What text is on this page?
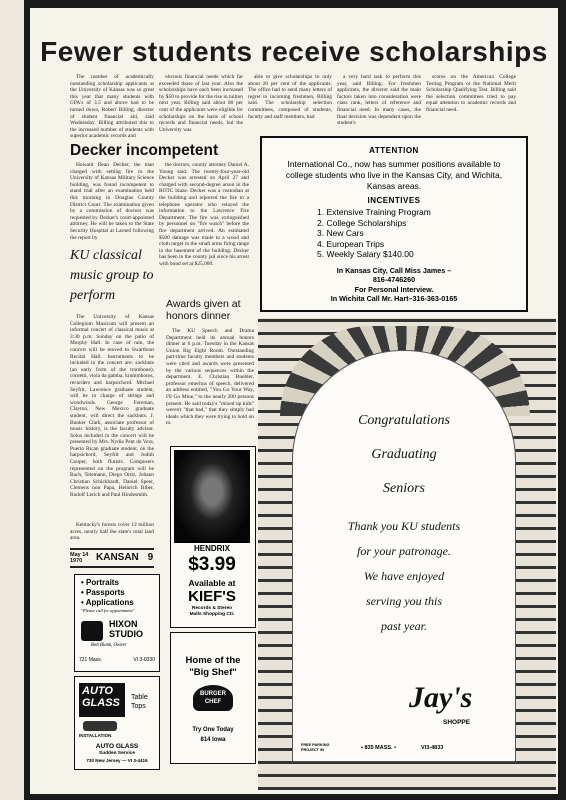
Fewer students receive scholarships

The number of academically outstanding scholarship applicants at the University of Kansas was so great this year that many students with GPA's of 3.5 and above had to be turned down, Robert Billing, director of student financial aid, said Wednesday. Billing attributed this to the increased number of students with superior academic records and

obvious financial needs which far exceeded those of last year. Also the scholarships have each been increased by $50 to provide for the rise in tuition next year. Billing said about 80 per cent of the applicants were eligible for scholarships on the basis of school records and financial needs, but the University was

able to give scholarships to only about 20 per cent of the applicants. The office had to send many letters of regret to incoming freshmen, Billing said. The scholarship selection committees, composed of students, faculty and staff members, had

a very hard task to perform this year, said Billing. For freshmen applicants, the director said the main factors taken into consideration were class rank, letters of reference and financial need. In many cases, the final decision was dependent upon the student's

scores on the American College Testing Program or the National Merit Scholarship Qualifying Test. Billing said the selection committees tried to pay equal attention to academic records and financial need.

Decker incompetent

Howard Dean Decker, the man charged with setting fire to the University of Kansas Military Science building, was found incompetent to stand trial after an examination held this morning in Douglas County District Court. The examination given by a commission of doctors was requested by Decker's court-appointed attorney. He will be taken to the State Security Hospital at Larned following the report by

the doctors, county attorney Daniel A. Young said. The twenty-four-year-old Decker was arrested on April 27 and charged with second-degree arson in the ROTC blaze. Decker was a custodian at the building and reported the fire to a telephone operator who relayed the information to the Lawrence Fire Department. The fire was extinguished by personnel on "fire watch" before the fire department arrived. An estimated $500 damage was made to a wood and cloth target in the small arms firing range in the basement of the building. Decker has been in the county jail since his arrest with bond set at $25,000.

ATTENTION
International Co., now has summer positions available to college students who live in the Kansas City, and Wichita, Kansas areas.
INCENTIVES
1. Extensive Training Program
2. College Scholarships
3. New Cars
4. European Trips
5. Weekly Salary $140.00
In Kansas City, Call Miss James –
816-4746260
For Personal Interview.
In Wichita Call Mr. Hart–316-363-0165
KU classical music group to perform

The University of Kansas Collegium Musicum will present an informal concert of classical music at 3:30 p.m. Sunday on the patio of Murphy Hall. In case of rain, the concert will be moved to Swarthout Recital Hall. Instruments to be included in the concert are: sackbuts (an early form of the trombone), cornetti, viola da gamba, krummhorns, recorders and harpsichord. Michael Seyfrit, Lawrence graduate student, will be in charge of strings and woodwinds. George Foreman, Clayton, New Mexico graduate student, will direct the sackbuts. J. Bunker Clark, associate professor of music history, is the faculty advisor. Solos included in the concert will be presented by Mrs. Nydia Pent de Vera, Puerto Rican graduate student, on the harpsichord, Seyfrit and Judith Couper, both flutists. Composers represented on the program will be Bach, Telemann, Diego Ortiz, Johann Christian Schickhardt, Daniel Speer, Clemens non Papa, Heinrich Biber, Rudolf Lerich and Paul Hindesmith.

Kentucky's forests cover 12 million acres, nearly half the state's total land area.

Awards given at honors dinner

The KU Speech and Drama Department held its annual honors dinner at 6 p.m. Tuesday in the Kansas Union Big Eight Room. Outstanding part-time faculty members and students were cited and awards were presented by the various sequences within the department. E. Christian Buehler, professor emeritus of speech, delivered an address entitled, "You Go Your Way, I'll Go Mine," to the nearly 200 persons present. He said today's "mixed up kids" weren't "that bad," that they simply had ideals which they were trying to hold on to.

May 14
1970	KANSAN 9
• Portraits
• Passports
• Applications
"Please call for appointment"
HIXON
STUDIO
Bob Blank, Owner
721 Mass.	VI 3-0330
AUTO
GLASS
INSTALLATION
Table
Tops
AUTO GLASS
Sudden Service
730 New Jersey — VI 3-4416
HENDRIX
$3.99
Available at
KIEF'S
Records & Stereo
Malls Shopping Ctr.
Home of the
"Big Shef"
BURGER
CHEF
Try One Today
814 Iowa
Congratulations
Graduating
Seniors
Thank you KU students
for your patronage.
We have enjoyed
serving you this
past year.
Jay's
SHOPPE
FREE PARKING
PROJECT 90	• 835 MASS. •	VI3-4833
